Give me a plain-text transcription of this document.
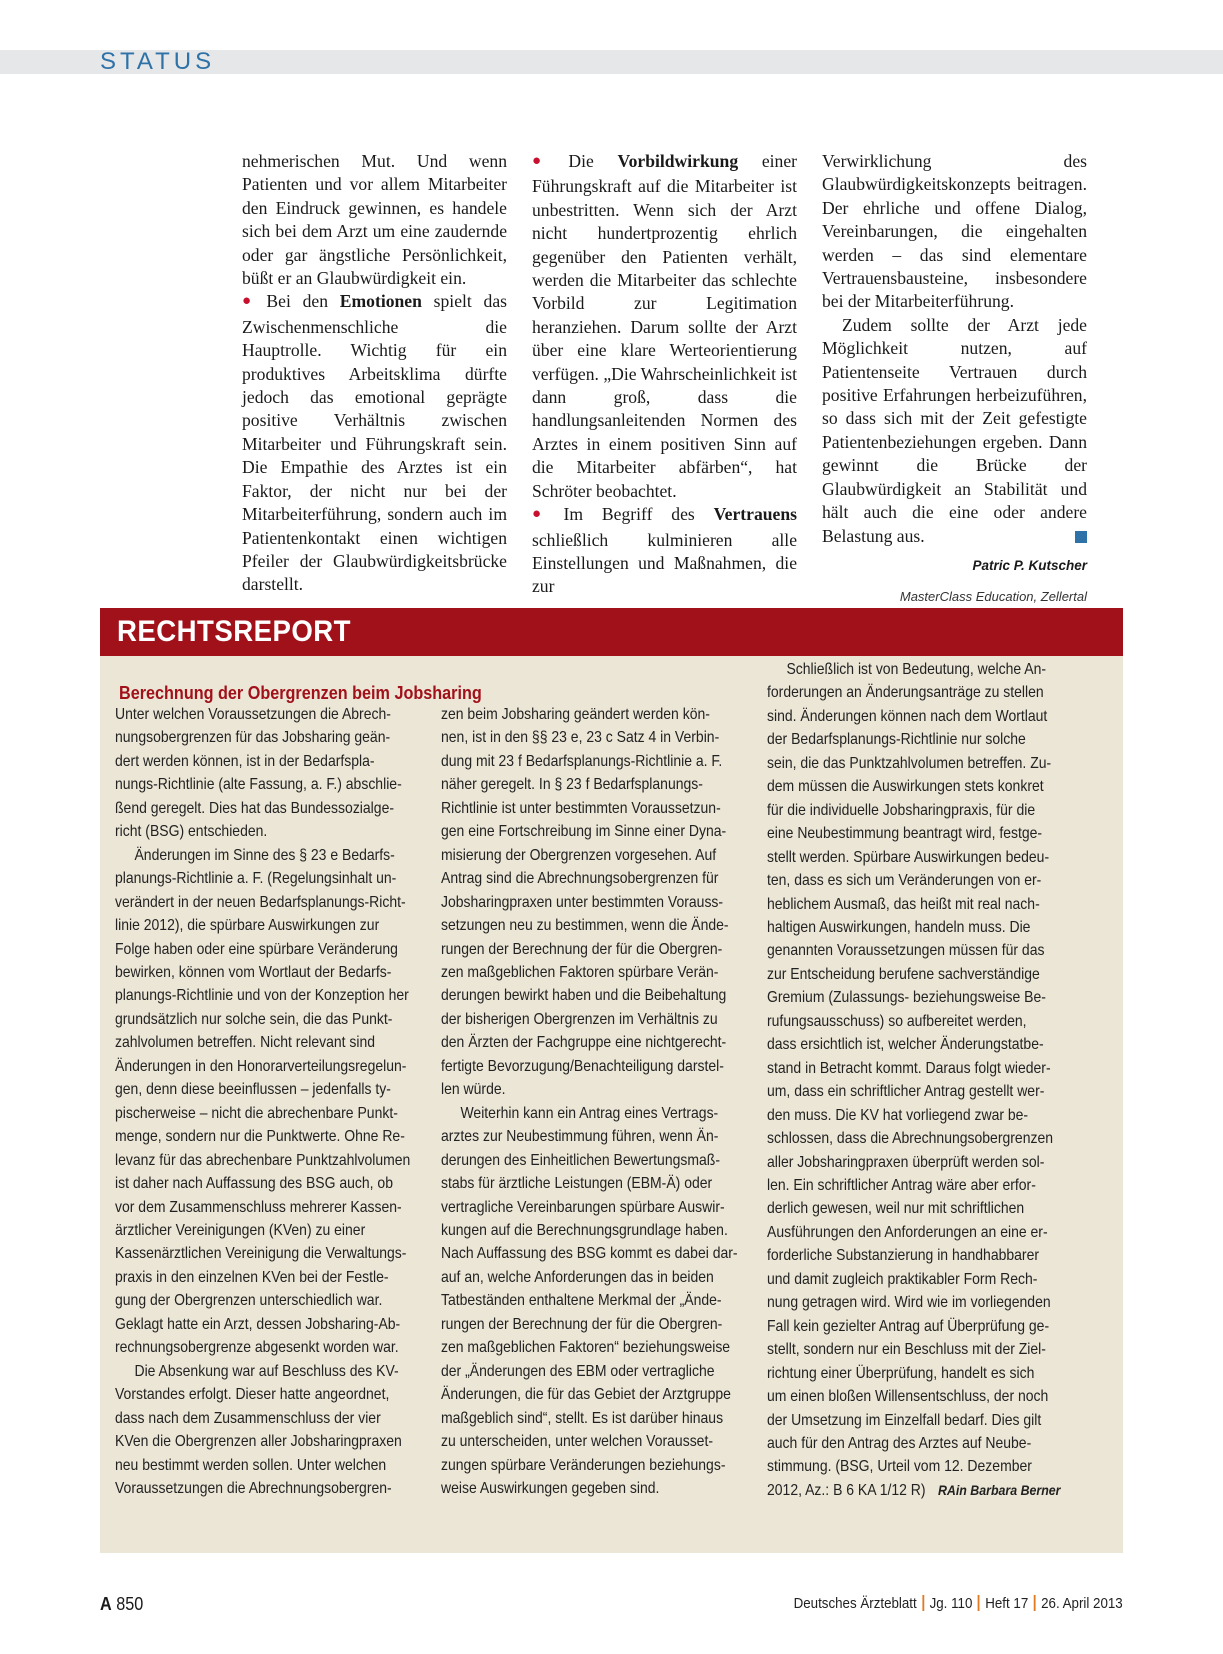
STATUS

nehmerischen Mut. Und wenn Patienten und vor allem Mitarbeiter den Eindruck gewinnen, es handele sich bei dem Arzt um eine zaudernde oder gar ängstliche Persönlichkeit, büßt er an Glaubwürdigkeit ein.

● Bei den Emotionen spielt das Zwischenmenschliche die Hauptrolle. Wichtig für ein produktives Arbeitsklima dürfte jedoch das emotional geprägte positive Verhältnis zwischen Mitarbeiter und Führungskraft sein. Die Empathie des Arztes ist ein Faktor, der nicht nur bei der Mitarbeiterführung, sondern auch im Patientenkontakt einen wichtigen Pfeiler der Glaubwürdigkeitsbrücke darstellt.

● Die Vorbildwirkung einer Führungskraft auf die Mitarbeiter ist unbestritten. Wenn sich der Arzt nicht hundertprozentig ehrlich gegenüber den Patienten verhält, werden die Mitarbeiter das schlechte Vorbild zur Legitimation heranziehen. Darum sollte der Arzt über eine klare Werteorientierung verfügen. „Die Wahrscheinlichkeit ist dann groß, dass die handlungsanleitenden Normen des Arztes in einem positiven Sinn auf die Mitarbeiter abfärben“, hat Schröter beobachtet.

● Im Begriff des Vertrauens schließlich kulminieren alle Einstellungen und Maßnahmen, die zur

Verwirklichung des Glaubwürdigkeitskonzepts beitragen. Der ehrliche und offene Dialog, Vereinbarungen, die eingehalten werden – das sind elementare Vertrauensbausteine, insbesondere bei der Mitarbeiterführung.

Zudem sollte der Arzt jede Möglichkeit nutzen, auf Patientenseite Vertrauen durch positive Erfahrungen herbeizuführen, so dass sich mit der Zeit gefestigte Patientenbeziehungen ergeben. Dann gewinnt die Brücke der Glaubwürdigkeit an Stabilität und hält auch die eine oder andere Belastung aus.

Patric P. Kutscher
MasterClass Education, Zellertal
RECHTSREPORT
Berechnung der Obergrenzen beim Jobsharing
Unter welchen Voraussetzungen die Abrech-
nungsobergrenzen für das Jobsharing geän-
dert werden können, ist in der Bedarfspla-
nungs-Richtlinie (alte Fassung, a. F.) abschlie-
ßend geregelt. Dies hat das Bundessozialge-
richt (BSG) entschieden.
Änderungen im Sinne des § 23 e Bedarfs-
planungs-Richtlinie a. F. (Regelungsinhalt un-
verändert in der neuen Bedarfsplanungs-Richt-
linie 2012), die spürbare Auswirkungen zur
Folge haben oder eine spürbare Veränderung
bewirken, können vom Wortlaut der Bedarfs-
planungs-Richtlinie und von der Konzeption her
grundsätzlich nur solche sein, die das Punkt-
zahlvolumen betreffen. Nicht relevant sind
Änderungen in den Honorarverteilungsregelun-
gen, denn diese beeinflussen – jedenfalls ty-
pischerweise – nicht die abrechenbare Punkt-
menge, sondern nur die Punktwerte. Ohne Re-
levanz für das abrechenbare Punktzahlvolumen
ist daher nach Auffassung des BSG auch, ob
vor dem Zusammenschluss mehrerer Kassen-
ärztlicher Vereinigungen (KVen) zu einer
Kassenärztlichen Vereinigung die Verwaltungs-
praxis in den einzelnen KVen bei der Festle-
gung der Obergrenzen unterschiedlich war.
Geklagt hatte ein Arzt, dessen Jobsharing-Ab-
rechnungsobergrenze abgesenkt worden war.
Die Absenkung war auf Beschluss des KV-
Vorstandes erfolgt. Dieser hatte angeordnet,
dass nach dem Zusammenschluss der vier
KVen die Obergrenzen aller Jobsharingpraxen
neu bestimmt werden sollen. Unter welchen
Voraussetzungen die Abrechnungsobergren-
zen beim Jobsharing geändert werden kön-
nen, ist in den §§ 23 e, 23 c Satz 4 in Verbin-
dung mit 23 f Bedarfsplanungs-Richtlinie a. F.
näher geregelt. In § 23 f Bedarfsplanungs-
Richtlinie ist unter bestimmten Voraussetzun-
gen eine Fortschreibung im Sinne einer Dyna-
misierung der Obergrenzen vorgesehen. Auf
Antrag sind die Abrechnungsobergrenzen für
Jobsharingpraxen unter bestimmten Vorauss-
setzungen neu zu bestimmen, wenn die Ände-
rungen der Berechnung der für die Obergren-
zen maßgeblichen Faktoren spürbare Verän-
derungen bewirkt haben und die Beibehaltung
der bisherigen Obergrenzen im Verhältnis zu
den Ärzten der Fachgruppe eine nichtgerecht-
fertigte Bevorzugung/Benachteiligung darstel-
len würde.
Weiterhin kann ein Antrag eines Vertrags-
arztes zur Neubestimmung führen, wenn Än-
derungen des Einheitlichen Bewertungsmaß-
stabs für ärztliche Leistungen (EBM-Ä) oder
vertragliche Vereinbarungen spürbare Auswir-
kungen auf die Berechnungsgrundlage haben.
Nach Auffassung des BSG kommt es dabei dar-
auf an, welche Anforderungen das in beiden
Tatbeständen enthaltene Merkmal der „Ände-
rungen der Berechnung der für die Obergren-
zen maßgeblichen Faktoren“ beziehungsweise
der „Änderungen des EBM oder vertragliche
Änderungen, die für das Gebiet der Arztgruppe
maßgeblich sind“, stellt. Es ist darüber hinaus
zu unterscheiden, unter welchen Vorausset-
zungen spürbare Veränderungen beziehungs-
weise Auswirkungen gegeben sind.
Schließlich ist von Bedeutung, welche An-
forderungen an Änderungsanträge zu stellen
sind. Änderungen können nach dem Wortlaut
der Bedarfsplanungs-Richtlinie nur solche
sein, die das Punktzahlvolumen betreffen. Zu-
dem müssen die Auswirkungen stets konkret
für die individuelle Jobsharingpraxis, für die
eine Neubestimmung beantragt wird, festge-
stellt werden. Spürbare Auswirkungen bedeu-
ten, dass es sich um Veränderungen von er-
heblichem Ausmaß, das heißt mit real nach-
haltigen Auswirkungen, handeln muss. Die
genannten Voraussetzungen müssen für das
zur Entscheidung berufene sachverständige
Gremium (Zulassungs- beziehungsweise Be-
rufungsausschuss) so aufbereitet werden,
dass ersichtlich ist, welcher Änderungstatbe-
stand in Betracht kommt. Daraus folgt wieder-
um, dass ein schriftlicher Antrag gestellt wer-
den muss. Die KV hat vorliegend zwar be-
schlossen, dass die Abrechnungsobergrenzen
aller Jobsharingpraxen überprüft werden sol-
len. Ein schriftlicher Antrag wäre aber erfor-
derlich gewesen, weil nur mit schriftlichen
Ausführungen den Anforderungen an eine er-
forderliche Substanzierung in handhabbarer
und damit zugleich praktikabler Form Rech-
nung getragen wird. Wird wie im vorliegenden
Fall kein gezielter Antrag auf Überprüfung ge-
stellt, sondern nur ein Beschluss mit der Ziel-
richtung einer Überprüfung, handelt es sich
um einen bloßen Willensentschluss, der noch
der Umsetzung im Einzelfall bedarf. Dies gilt
auch für den Antrag des Arztes auf Neube-
stimmung. (BSG, Urteil vom 12. Dezember
2012, Az.: B 6 KA 1/12 R) RAin Barbara Berner
A 850	Deutsches Ärzteblatt Jg. 110 Heft 17 26. April 2013
